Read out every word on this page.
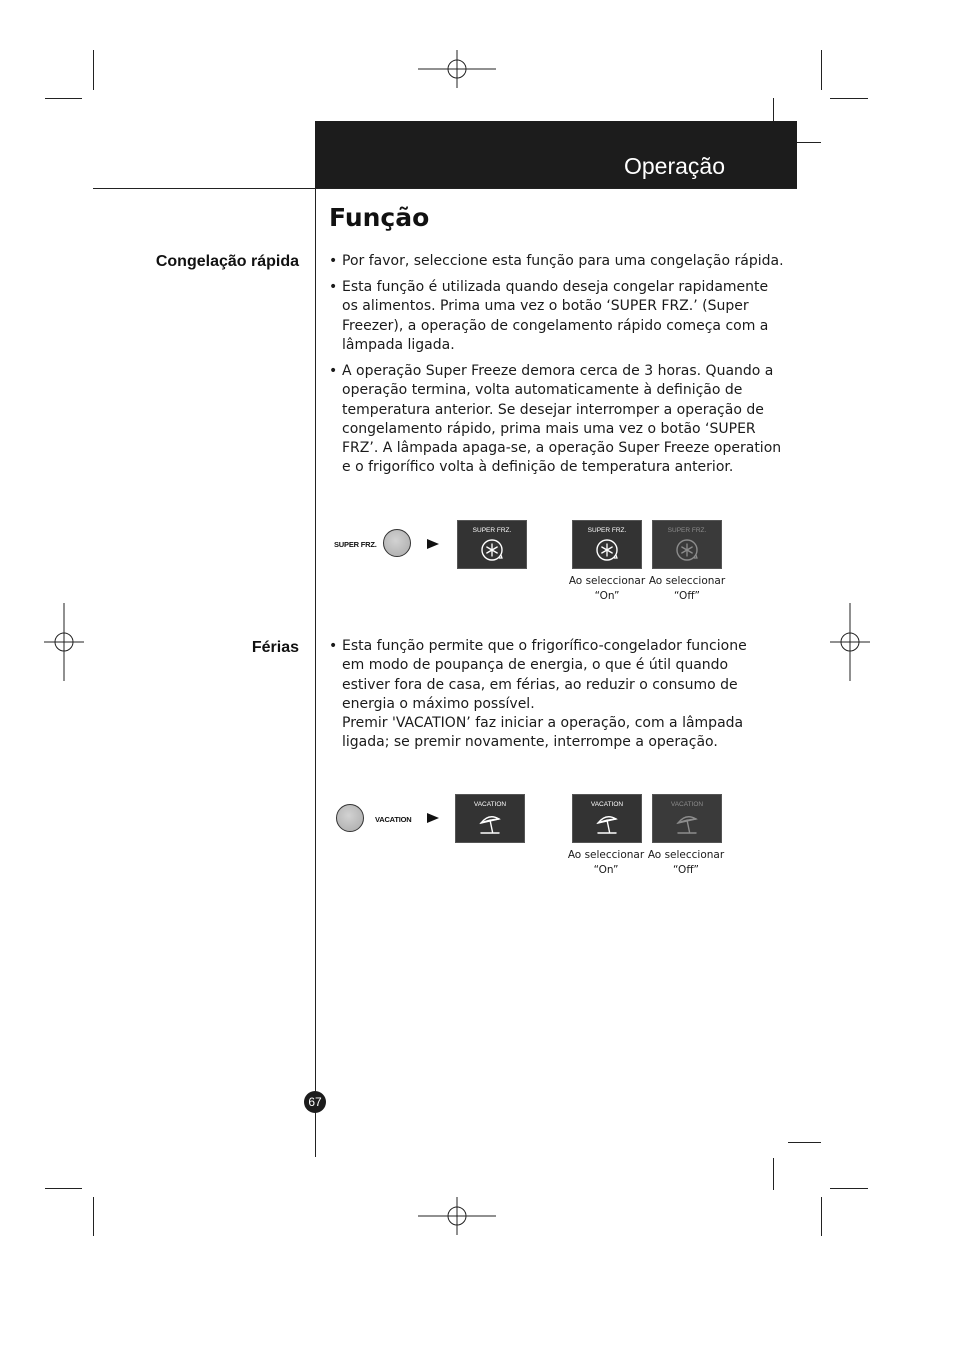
Operação
Função
Congelação rápida	• Por favor, seleccione esta função para uma congelação rápida.
• Esta função é utilizada quando deseja congelar rapidamente os alimentos. Prima uma vez o botão ‘SUPER FRZ.’ (Super Freezer), a operação de congelamento rápido começa com a lâmpada ligada.
• A operação Super Freeze demora cerca de 3 horas. Quando a operação termina, volta automaticamente à definição de temperatura anterior. Se desejar interromper a operação de congelamento rápido, prima mais uma vez o botão ‘SUPER FRZ’. A lâmpada apaga-se, a operação Super Freeze operation e o frigorífico volta à definição de temperatura anterior.
SUPER FRZ.
SUPER FRZ.	SUPER FRZ.	SUPER FRZ.
Ao seleccionar
“On”
Ao seleccionar
“Off”
Férias	• Esta função permite que o frigorífico-congelador funcione em modo de poupança de energia, o que é útil quando estiver fora de casa, em férias, ao reduzir o consumo de energia o máximo possível.
Premir 'VACATION’ faz iniciar a operação, com a lâmpada ligada; se premir novamente, interrompe a operação.
VACATION
VACATION	VACATION	VACATION
Ao seleccionar
“On”
Ao seleccionar
“Off”
67
